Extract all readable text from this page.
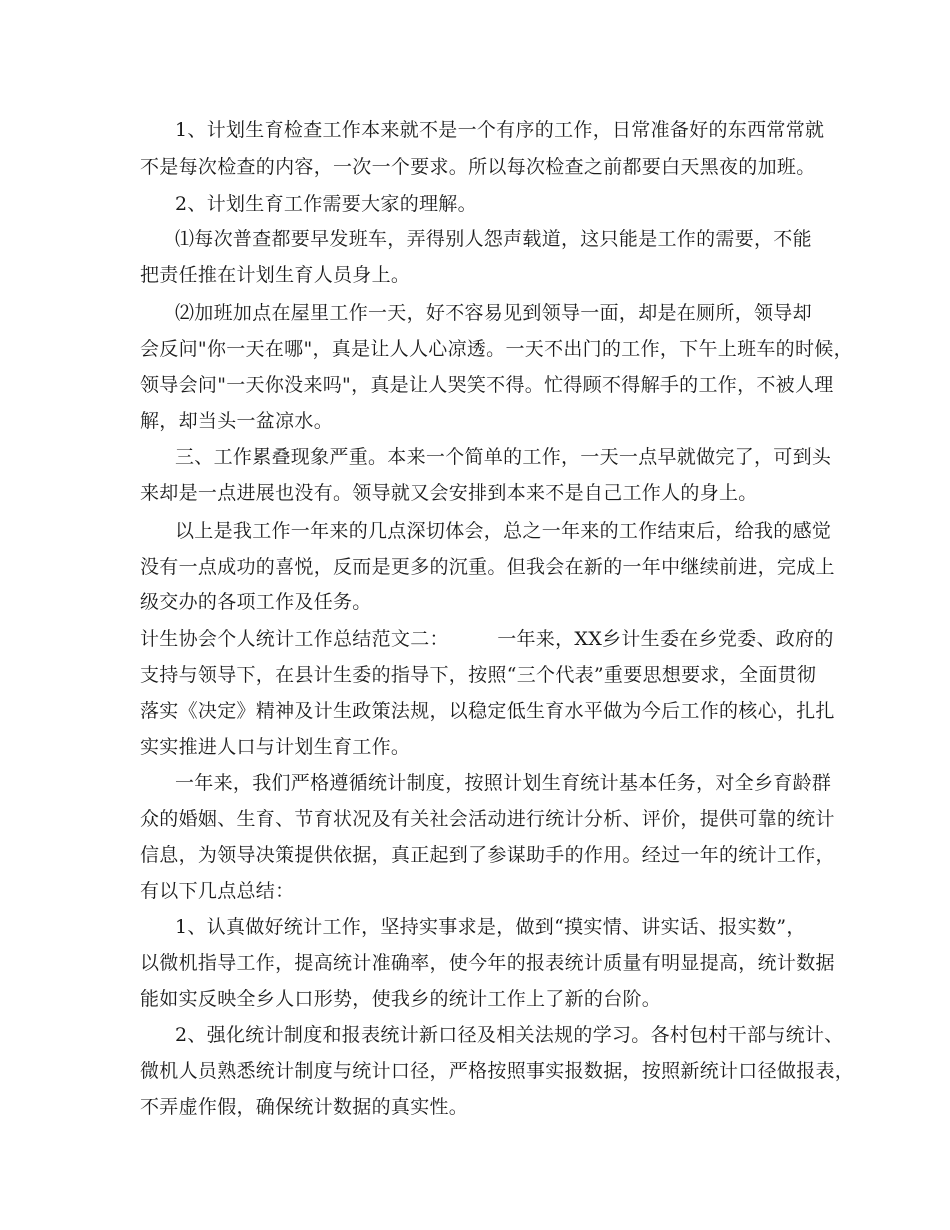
1、计划生育检查工作本来就不是一个有序的工作，日常准备好的东西常常就
不是每次检查的内容，一次一个要求。所以每次检查之前都要白天黑夜的加班。
2、计划生育工作需要大家的理解。
⑴每次普查都要早发班车，弄得别人怨声载道，这只能是工作的需要，不能
把责任推在计划生育人员身上。
⑵加班加点在屋里工作一天，好不容易见到领导一面，却是在厕所，领导却
会反问"你一天在哪"，真是让人人心凉透。一天不出门的工作，下午上班车的时候，
领导会问"一天你没来吗"，真是让人哭笑不得。忙得顾不得解手的工作，不被人理
解，却当头一盆凉水。
三、工作累叠现象严重。本来一个简单的工作，一天一点早就做完了，可到头
来却是一点进展也没有。领导就又会安排到本来不是自己工作人的身上。
以上是我工作一年来的几点深切体会，总之一年来的工作结束后，给我的感觉
没有一点成功的喜悦，反而是更多的沉重。但我会在新的一年中继续前进，完成上
级交办的各项工作及任务。
计生协会个人统计工作总结范文二：　　　一年来，XX乡计生委在乡党委、政府的
支持与领导下，在县计生委的指导下，按照“三个代表”重要思想要求，全面贯彻
落实《决定》精神及计生政策法规，以稳定低生育水平做为今后工作的核心，扎扎
实实推进人口与计划生育工作。
一年来，我们严格遵循统计制度，按照计划生育统计基本任务，对全乡育龄群
众的婚姻、生育、节育状况及有关社会活动进行统计分析、评价，提供可靠的统计
信息，为领导决策提供依据，真正起到了参谋助手的作用。经过一年的统计工作，
有以下几点总结：
1、认真做好统计工作，坚持实事求是，做到“摸实情、讲实话、报实数”，
以微机指导工作，提高统计准确率，使今年的报表统计质量有明显提高，统计数据
能如实反映全乡人口形势，使我乡的统计工作上了新的台阶。
2、强化统计制度和报表统计新口径及相关法规的学习。各村包村干部与统计、
微机人员熟悉统计制度与统计口径，严格按照事实报数据，按照新统计口径做报表，
不弄虚作假，确保统计数据的真实性。
